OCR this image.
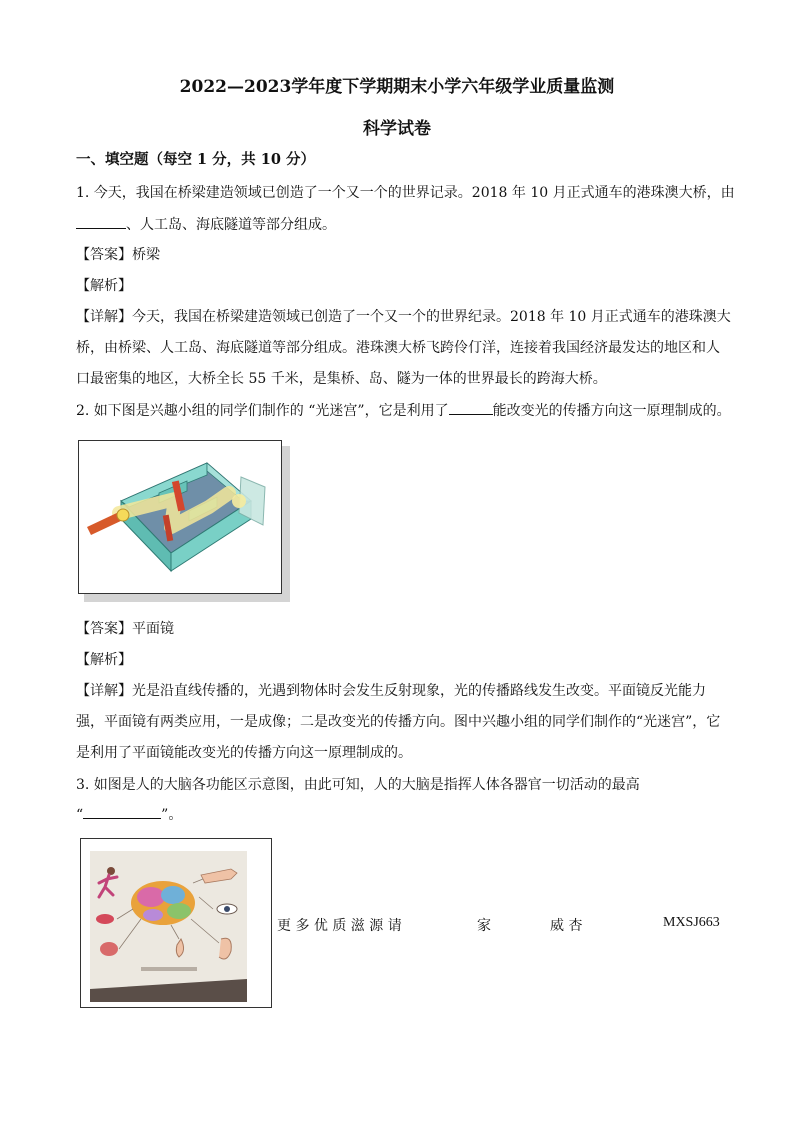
2022—2023学年度下学期期末小学六年级学业质量监测
科学试卷
一、填空题（每空 1 分，共 10 分）
1. 今天，我国在桥梁建造领域已创造了一个又一个的世界记录。2018 年 10 月正式通车的港珠澳大桥，由
、人工岛、海底隧道等部分组成。
【答案】桥梁
【解析】
【详解】今天，我国在桥梁建造领域已创造了一个又一个的世界纪录。2018 年 10 月正式通车的港珠澳大
桥，由桥梁、人工岛、海底隧道等部分组成。港珠澳大桥飞跨伶仃洋，连接着我国经济最发达的地区和人
口最密集的地区，大桥全长 55 千米，是集桥、岛、隧为一体的世界最长的跨海大桥。
2. 如下图是兴趣小组的同学们制作的 “光迷宫”，它是利用了	能改变光的传播方向这一原理制成的。
【答案】平面镜
【解析】
【详解】光是沿直线传播的，光遇到物体时会发生反射现象，光的传播路线发生改变。平面镜反光能力
强，平面镜有两类应用，一是成像；二是改变光的传播方向。图中兴趣小组的同学们制作的“光迷宫”，它
是利用了平面镜能改变光的传播方向这一原理制成的。
3. 如图是人的大脑各功能区示意图，由此可知，人的大脑是指挥人体各器官一切活动的最高
“	”。
更 多 优 质 滋 源 请	家	威 杏	MXSJ663
